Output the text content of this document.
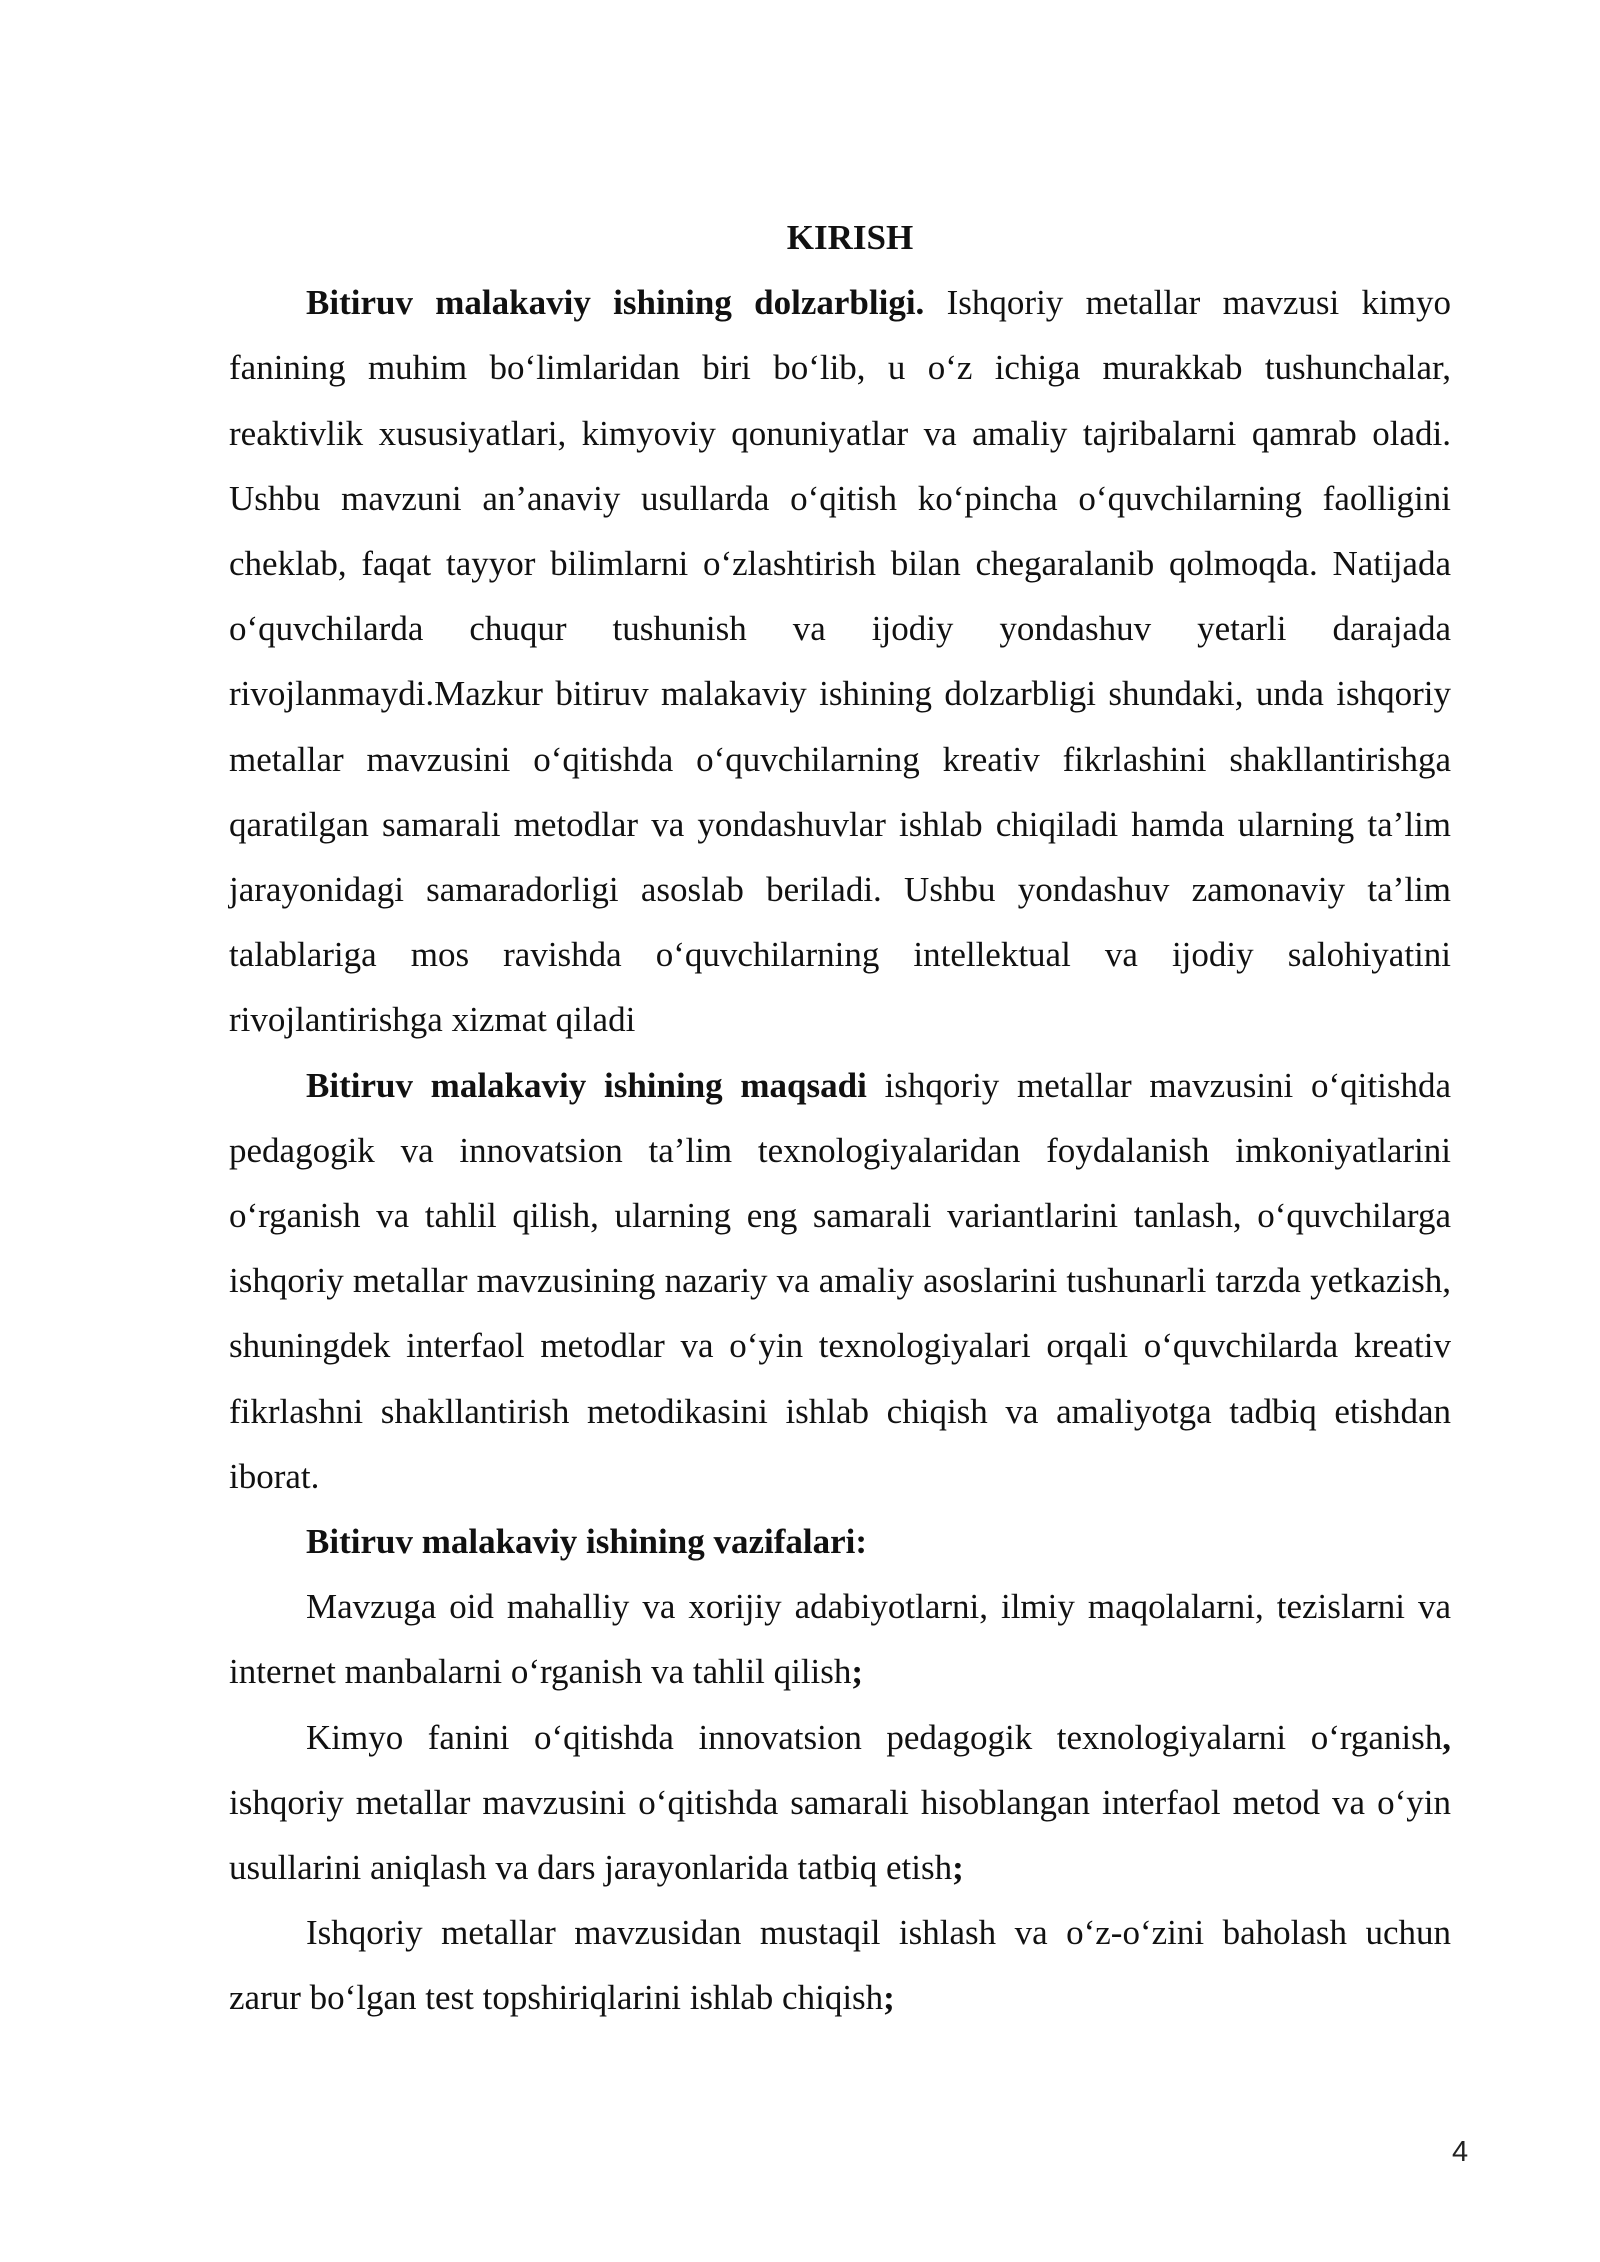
KIRISH

Bitiruv malakaviy ishining dolzarbligi. Ishqoriy metallar mavzusi kimyo fanining muhim bo‘limlaridan biri bo‘lib, u o‘z ichiga murakkab tushunchalar, reaktivlik xususiyatlari, kimyoviy qonuniyatlar va amaliy tajribalarni qamrab oladi. Ushbu mavzuni an’anaviy usullarda o‘qitish ko‘pincha o‘quvchilarning faolligini cheklab, faqat tayyor bilimlarni o‘zlashtirish bilan chegaralanib qolmoqda. Natijada o‘quvchilarda chuqur tushunish va ijodiy yondashuv yetarli darajada rivojlanmaydi.Mazkur bitiruv malakaviy ishining dolzarbligi shundaki, unda ishqoriy metallar mavzusini o‘qitishda o‘quvchilarning kreativ fikrlashini shakllantirishga qaratilgan samarali metodlar va yondashuvlar ishlab chiqiladi hamda ularning ta’lim jarayonidagi samaradorligi asoslab beriladi. Ushbu yondashuv zamonaviy ta’lim talablariga mos ravishda o‘quvchilarning intellektual va ijodiy salohiyatini rivojlantirishga xizmat qiladi

Bitiruv malakaviy ishining maqsadi ishqoriy metallar mavzusini o‘qitishda pedagogik va innovatsion ta’lim texnologiyalaridan foydalanish imkoniyatlarini o‘rganish va tahlil qilish, ularning eng samarali variantlarini tanlash, o‘quvchilarga ishqoriy metallar mavzusining nazariy va amaliy asoslarini tushunarli tarzda yetkazish, shuningdek interfaol metodlar va o‘yin texnologiyalari orqali o‘quvchilarda kreativ fikrlashni shakllantirish metodikasini ishlab chiqish va amaliyotga tadbiq etishdan iborat.

Bitiruv malakaviy ishining vazifalari:

Mavzuga oid mahalliy va xorijiy adabiyotlarni, ilmiy maqolalarni, tezislarni va internet manbalarni o‘rganish va tahlil qilish;

Kimyo fanini o‘qitishda innovatsion pedagogik texnologiyalarni o‘rganish, ishqoriy metallar mavzusini o‘qitishda samarali hisoblangan interfaol metod va o‘yin usullarini aniqlash va dars jarayonlarida tatbiq etish;

Ishqoriy metallar mavzusidan mustaqil ishlash va o‘z-o‘zini baholash uchun zarur bo‘lgan test topshiriqlarini ishlab chiqish;

4
